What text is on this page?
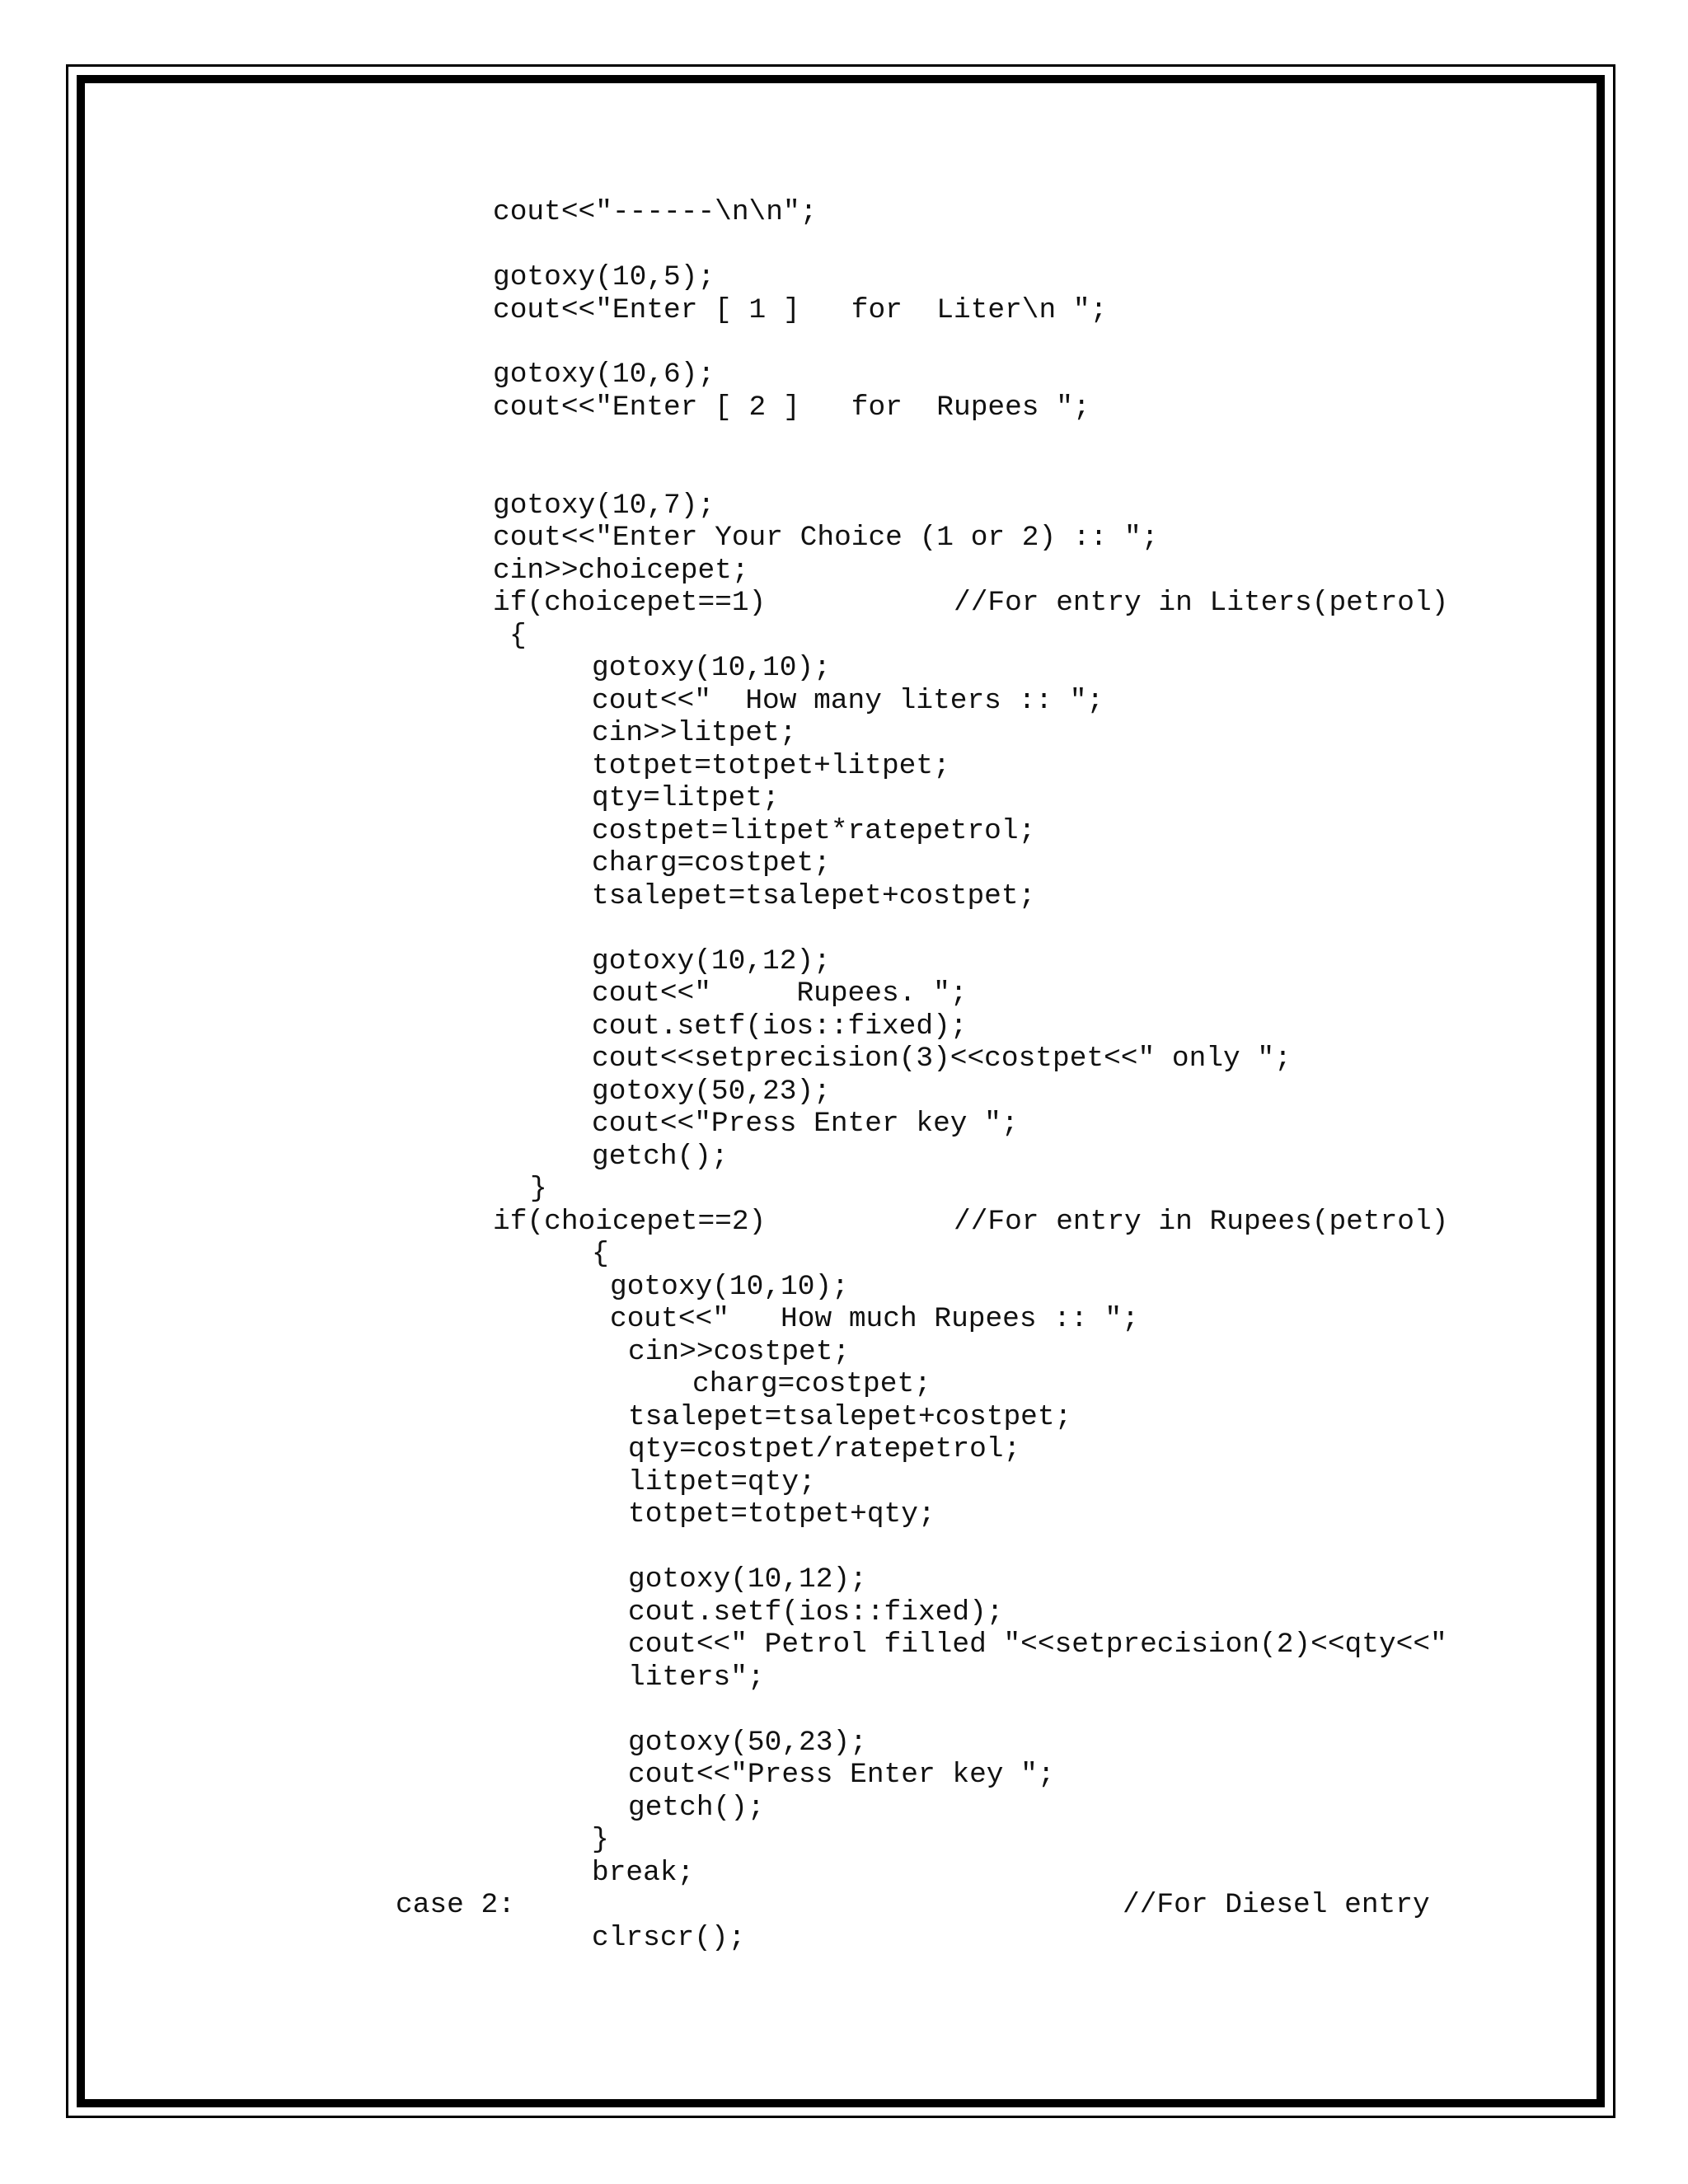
cout<<"------\n\n";

gotoxy(10,5);

cout<<"Enter [ 1 ]   for  Liter\n ";

gotoxy(10,6);

cout<<"Enter [ 2 ]   for  Rupees ";

gotoxy(10,7);

cout<<"Enter Your Choice (1 or 2) :: ";

cin>>choicepet;

if(choicepet==1)           //For entry in Liters(petrol)

{

gotoxy(10,10);

cout<<"  How many liters :: ";

cin>>litpet;

totpet=totpet+litpet;

qty=litpet;

costpet=litpet*ratepetrol;

charg=costpet;

tsalepet=tsalepet+costpet;

gotoxy(10,12);

cout<<"     Rupees. ";

cout.setf(ios::fixed);

cout<<setprecision(3)<<costpet<<" only ";

gotoxy(50,23);

cout<<"Press Enter key ";

getch();

}

if(choicepet==2)           //For entry in Rupees(petrol)

{

gotoxy(10,10);

cout<<"   How much Rupees :: ";

cin>>costpet;

charg=costpet;

tsalepet=tsalepet+costpet;

qty=costpet/ratepetrol;

litpet=qty;

totpet=totpet+qty;

gotoxy(10,12);

cout.setf(ios::fixed);

cout<<" Petrol filled "<<setprecision(2)<<qty<<"

liters";

gotoxy(50,23);

cout<<"Press Enter key ";

getch();

}

break;

case 2:

	//For Diesel entry

clrscr();
